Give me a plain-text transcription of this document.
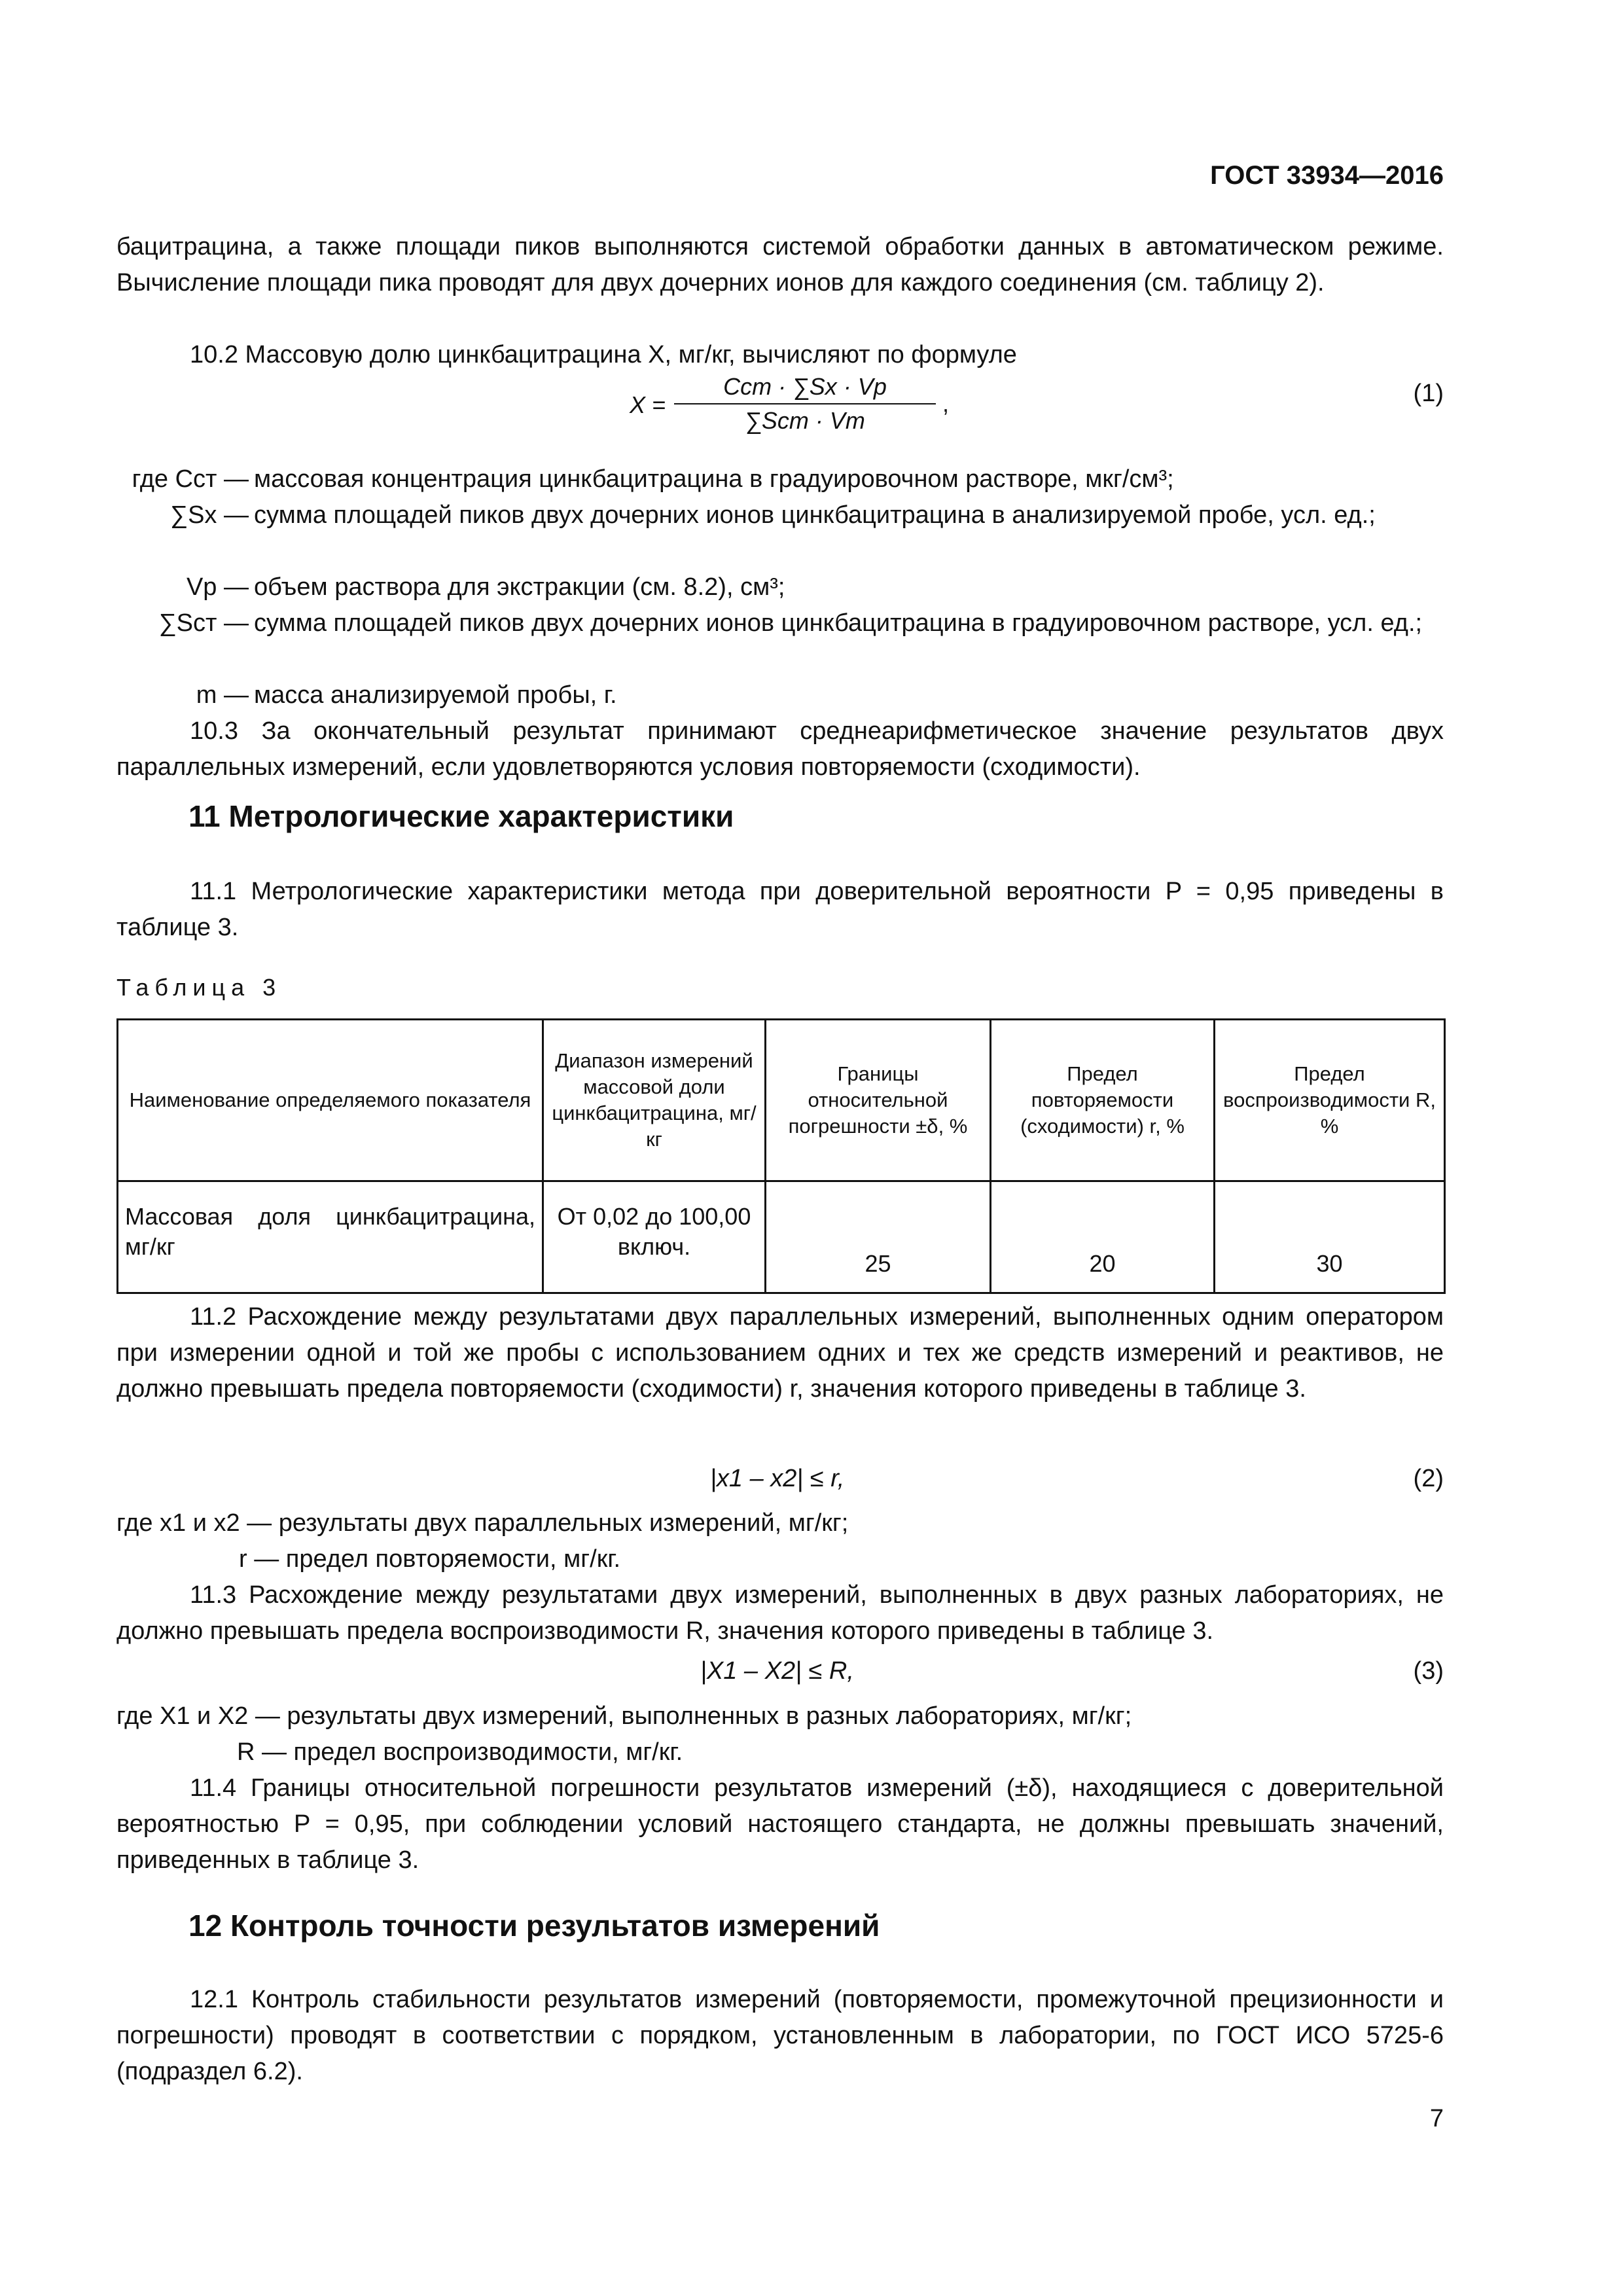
ГОСТ 33934—2016

бацитрацина, а также площади пиков выполняются системой обработки данных в автоматическом режиме. Вычисление площади пика проводят для двух дочерних ионов для каждого соединения (см. таблицу 2).

10.2 Массовую долю цинкбацитрацина X, мг/кг, вычисляют по формуле

X =
Cст · ∑Sx · Vp
∑Sст · Vm
,	(1)
где Cст — массовая концентрация цинкбацитрацина в градуировочном растворе, мкг/см³;
∑Sx — сумма площадей пиков двух дочерних ионов цинкбацитрацина в анализируемой пробе, усл. ед.;
Vp — объем раствора для экстракции (см. 8.2), см³;
∑Sст — сумма площадей пиков двух дочерних ионов цинкбацитрацина в градуировочном растворе, усл. ед.;
m — масса анализируемой пробы, г.

10.3 За окончательный результат принимают среднеарифметическое значение результатов двух параллельных измерений, если удовлетворяются условия повторяемости (сходимости).

11 Метрологические характеристики

11.1 Метрологические характеристики метода при доверительной вероятности P = 0,95 приведены в таблице 3.

Таблица 3
Наименование определяемого показателя	Диапазон измерений массовой доли цинкбацитрацина, мг/кг	Границы относительной погрешности ±δ, %	Предел повторяемости (сходимости) r, %	Предел воспроизводимости R, %
Массовая доля цинкбацитрацина, мг/кг	От 0,02 до 100,00 включ.	25	20	30

11.2 Расхождение между результатами двух параллельных измерений, выполненных одним оператором при измерении одной и той же пробы с использованием одних и тех же средств измерений и реактивов, не должно превышать предела повторяемости (сходимости) r, значения которого приведены в таблице 3.

|x1 – x2| ≤ r,	(2)
где x1 и x2 — результаты двух параллельных измерений, мг/кг;
r — предел повторяемости, мг/кг.

11.3 Расхождение между результатами двух измерений, выполненных в двух разных лабораториях, не должно превышать предела воспроизводимости R, значения которого приведены в таблице 3.

|X1 – X2| ≤ R,	(3)
где X1 и X2 — результаты двух измерений, выполненных в разных лабораториях, мг/кг;
R — предел воспроизводимости, мг/кг.

11.4 Границы относительной погрешности результатов измерений (±δ), находящиеся с доверительной вероятностью P = 0,95, при соблюдении условий настоящего стандарта, не должны превышать значений, приведенных в таблице 3.

12 Контроль точности результатов измерений

12.1 Контроль стабильности результатов измерений (повторяемости, промежуточной прецизионности и погрешности) проводят в соответствии с порядком, установленным в лаборатории, по ГОСТ ИСО 5725-6 (подраздел 6.2).

7
